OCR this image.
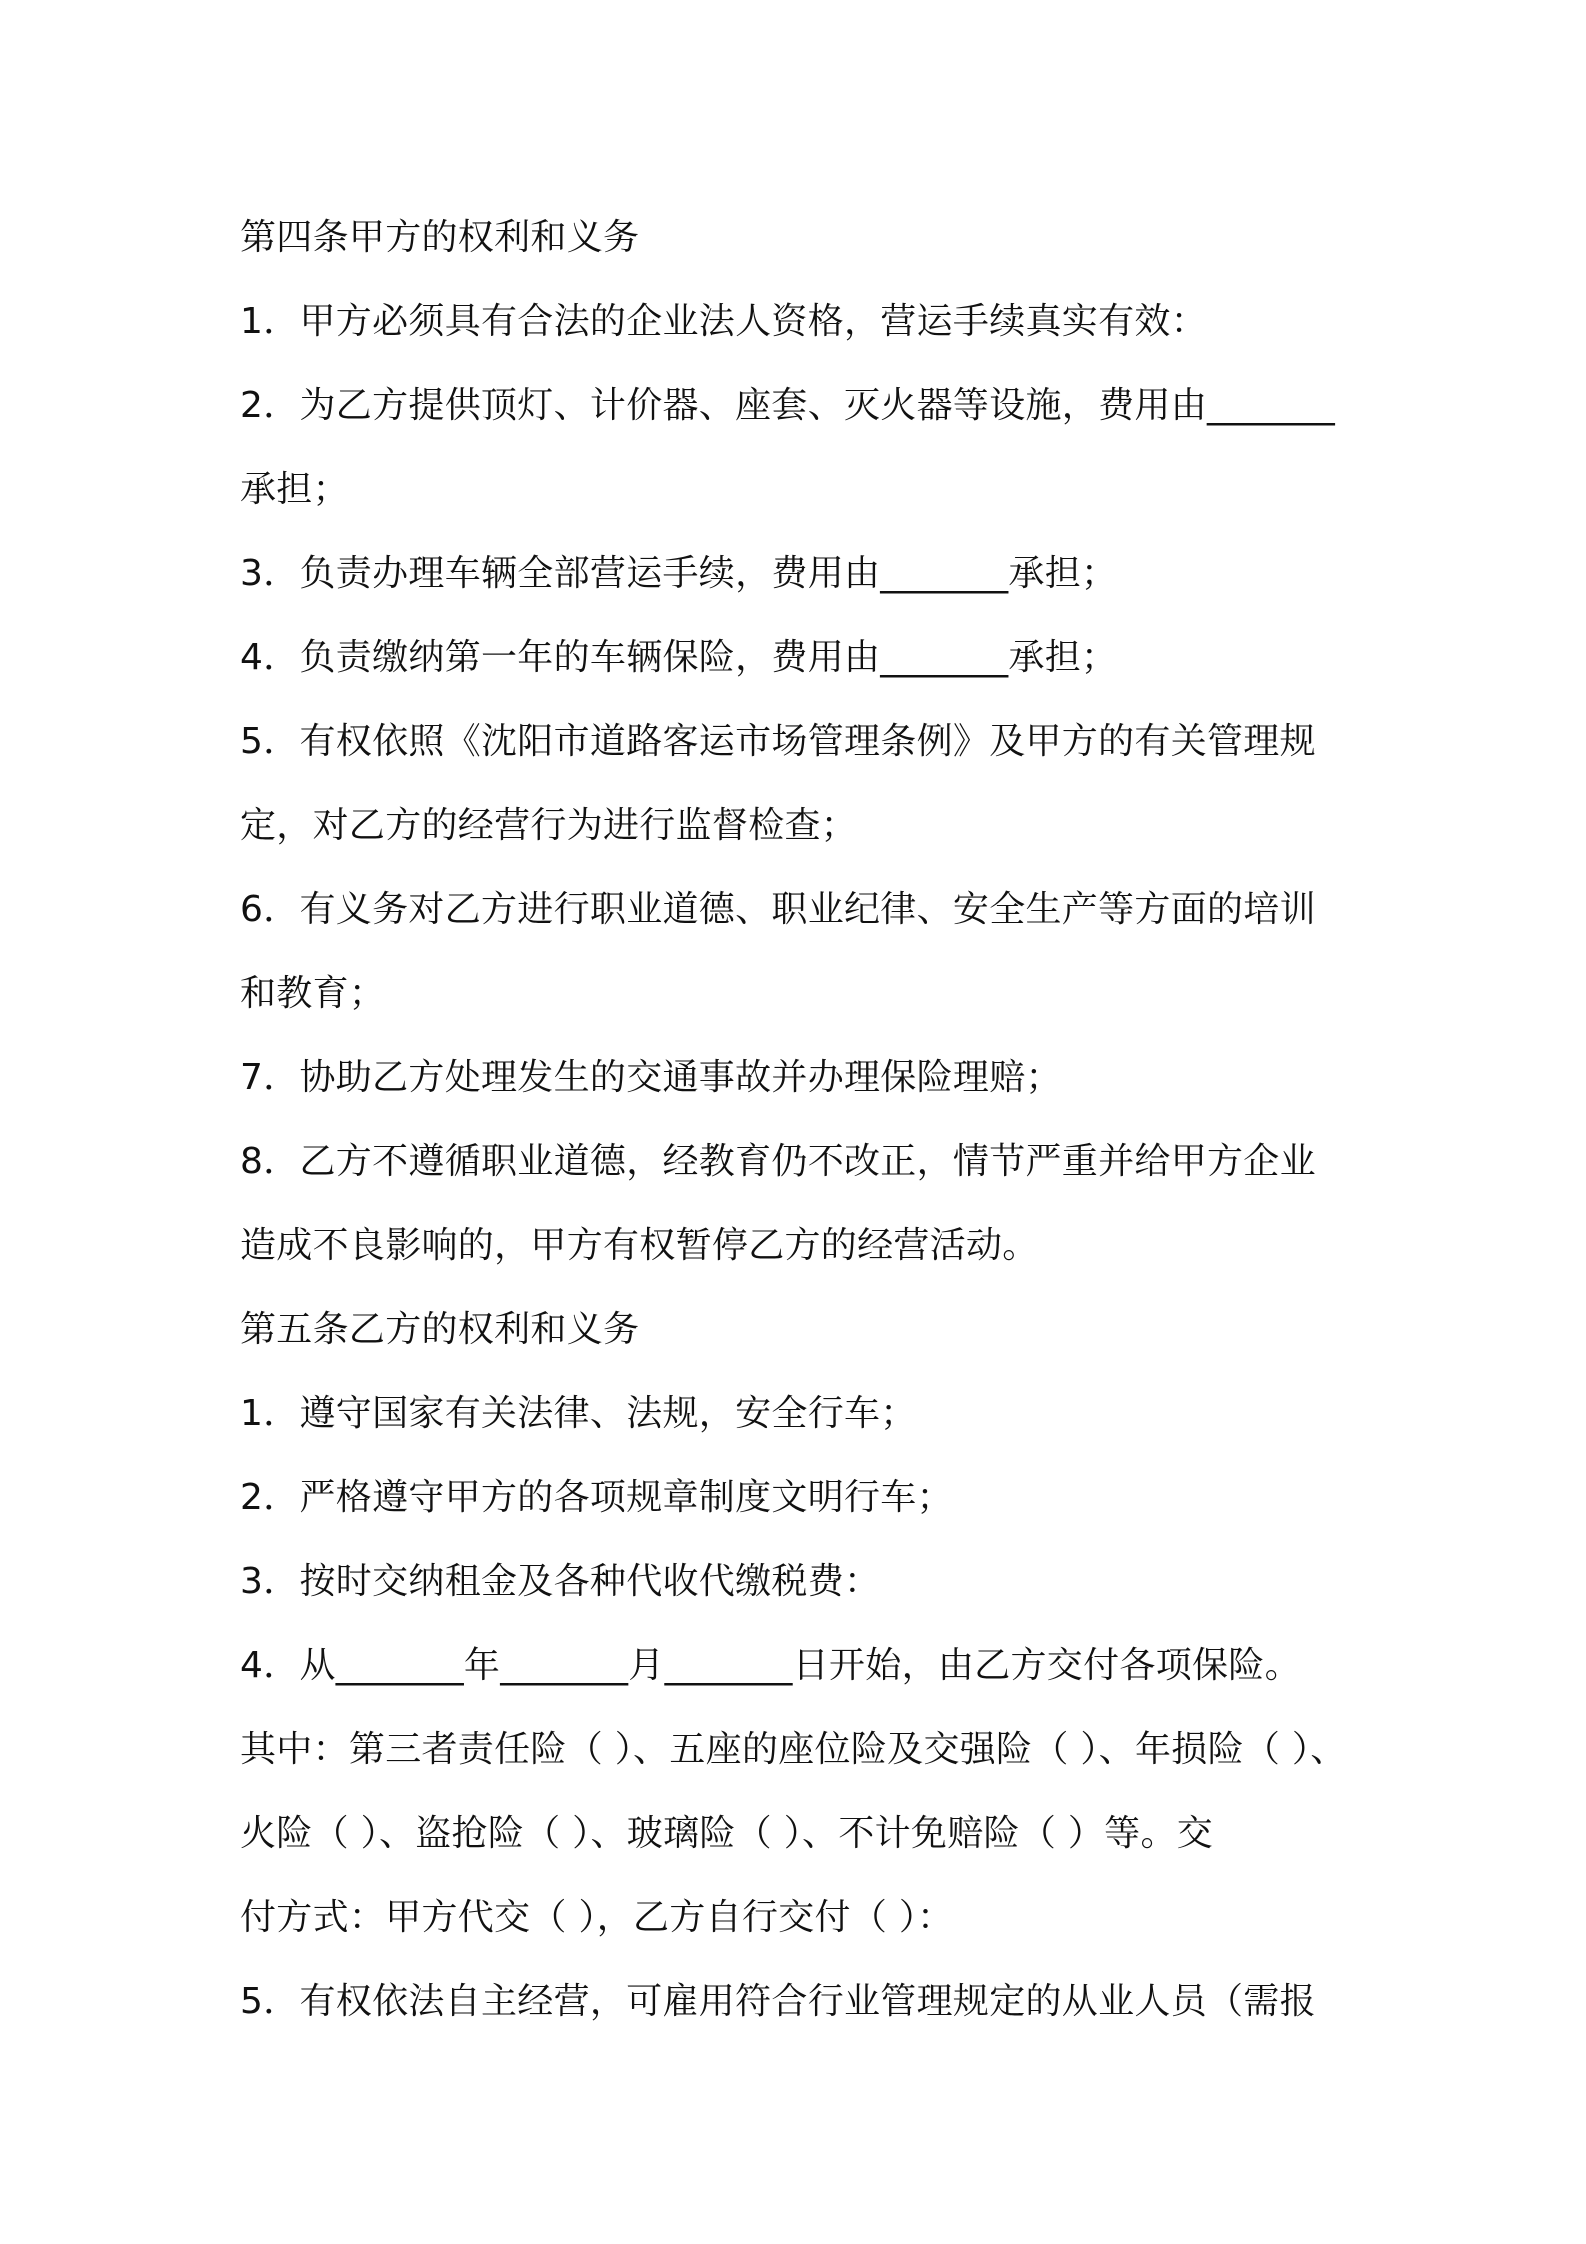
第四条甲方的权利和义务
1．甲方必须具有合法的企业法人资格，营运手续真实有效：
2．为乙方提供顶灯、计价器、座套、灭火器等设施，费用由_______
承担；
3．负责办理车辆全部营运手续，费用由_______承担；
4．负责缴纳第一年的车辆保险，费用由_______承担；
5．有权依照《沈阳市道路客运市场管理条例》及甲方的有关管理规
定，对乙方的经营行为进行监督检查；
6．有义务对乙方进行职业道德、职业纪律、安全生产等方面的培训
和教育；
7．协助乙方处理发生的交通事故并办理保险理赔；
8．乙方不遵循职业道德，经教育仍不改正，情节严重并给甲方企业
造成不良影响的，甲方有权暂停乙方的经营活动。
第五条乙方的权利和义务
1．遵守国家有关法律、法规，安全行车；
2．严格遵守甲方的各项规章制度文明行车；
3．按时交纳租金及各种代收代缴税费：
4．从_______年_______月_______日开始，由乙方交付各项保险。
其中：第三者责任险（ ）、五座的座位险及交强险（ ）、年损险（ ）、
火险（ ）、盗抢险（ ）、玻璃险（ ）、不计免赔险（ ）等。交
付方式：甲方代交（ ），乙方自行交付（ ）：
5．有权依法自主经营，可雇用符合行业管理规定的从业人员（需报
